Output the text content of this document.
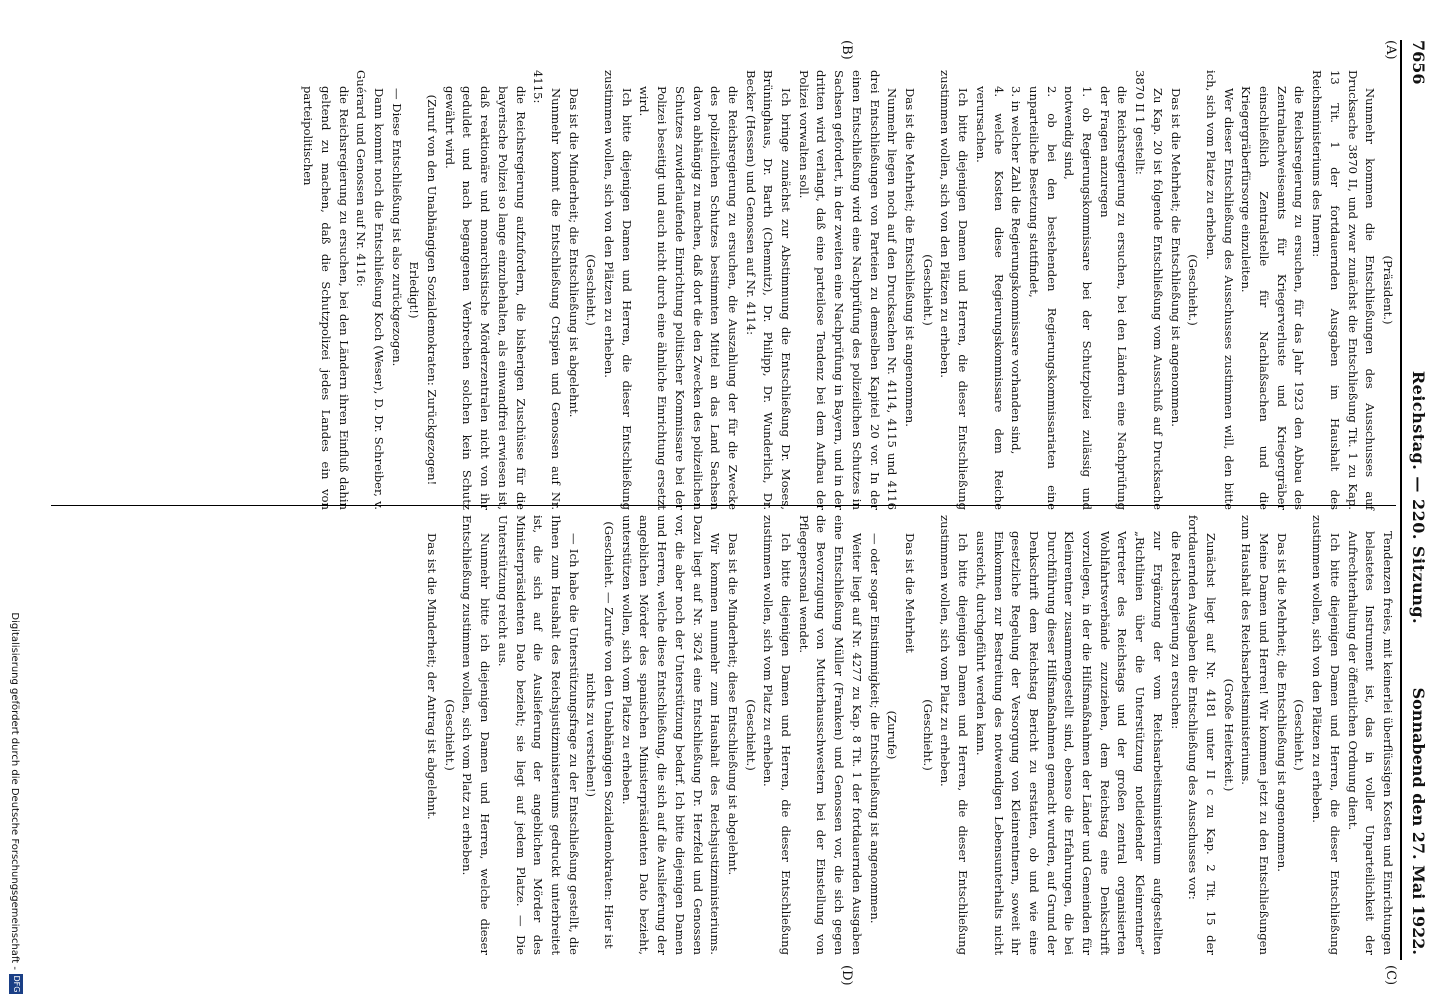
7656
Reichstag. — 220. Sitzung.
Sonnabend den 27. Mai 1922.
(A)
(B)
(C)
(D)

(Präsident.)

Nunmehr kommen die Entschließungen des Ausschusses auf Drucksache 3870 II, und zwar zunächst die Entschließung Tit. 1 zu Kap. 13 Tit. 1 der fortdauernden Ausgaben im Haushalt des Reichsministeriums des Innern:

die Reichsregierung zu ersuchen, für das Jahr 1923 den Abbau des Zentralnachweiseamts für Kriegerverluste und Kriegergräber einschließlich Zentralstelle für Nachlaßsachen und die Kriegergräberfürsorge einzuleiten.

Wer dieser Entschließung des Ausschusses zustimmen will, den bitte ich, sich vom Platze zu erheben.

(Geschieht.)

Das ist die Mehrheit; die Entschließung ist angenommen.

Zu Kap. 20 ist folgende Entschließung vom Ausschuß auf Drucksache 3870 II 1 gestellt:

die Reichsregierung zu ersuchen, bei den Ländern eine Nachprüfung der Fragen anzuregen

1. ob Regierungskommissare bei der Schutzpolizei zulässig und notwendig sind,

2. ob bei den bestehenden Regierungskommissariaten eine unparteiliche Besetzung stattfindet,

3. in welcher Zahl die Regierungskommissare vorhanden sind,

4. welche Kosten diese Regierungskommissare dem Reiche verursachen.

Ich bitte diejenigen Damen und Herren, die dieser Entschließung zustimmen wollen, sich von den Plätzen zu erheben.

(Geschieht.)

Das ist die Mehrheit; die Entschließung ist angenommen.

Nunmehr liegen noch auf den Drucksachen Nr. 4114, 4115 und 4116 drei Entschließungen von Parteien zu demselben Kapitel 20 vor. In der einen Entschließung wird eine Nachprüfung des polizeilichen Schutzes in Sachsen gefordert, in der zweiten eine Nachprüfung in Bayern, und in der dritten wird verlangt, daß eine parteilose Tendenz bei dem Aufbau der Polizei vorwalten soll.

Ich bringe zunächst zur Abstimmung die Entschließung Dr. Moses, Brüninghaus, Dr. Barth (Chemnitz), Dr. Philipp, Dr. Wunderlich, Dr. Becker (Hessen) und Genossen auf Nr. 4114:

die Reichsregierung zu ersuchen, die Auszahlung der für die Zwecke des polizeilichen Schutzes bestimmten Mittel an das Land Sachsen davon abhängig zu machen, daß dort die den Zwecken des polizeilichen Schutzes zuwiderlaufende Einrichtung politischer Kommissare bei der Polizei beseitigt und auch nicht durch eine ähnliche Einrichtung ersetzt wird.

Ich bitte diejenigen Damen und Herren, die dieser Entschließung zustimmen wollen, sich von den Plätzen zu erheben.

(Geschieht.)

Das ist die Minderheit; die Entschließung ist abgelehnt.

Nunmehr kommt die Entschließung Crispien und Genossen auf Nr. 4115:

die Reichsregierung aufzufordern, die bisherigen Zuschüsse für die bayerische Polizei so lange einzubehalten, als einwandfrei erwiesen ist, daß reaktionäre und monarchistische Mörderzentralen nicht von ihr geduldet und nach begangenen Verbrechen solchen kein Schutz gewährt wird.

(Zuruf von den Unabhängigen Sozialdemokraten: Zurückgezogen! Erledigt!)

— Diese Entschließung ist also zurückgezogen.

Dann kommt noch die Entschließung Koch (Weser), D. Dr. Schreiber, v. Guérard und Genossen auf Nr. 4116:

die Reichsregierung zu ersuchen, bei den Ländern ihren Einfluß dahin geltend zu machen, daß die Schutzpolizei jedes Landes ein von parteipolitischen

Tendenzen freies, mit keinerlei überflüssigen Kosten und Einrichtungen belastetes Instrument ist, das in voller Unparteilichkeit der Aufrechterhaltung der öffentlichen Ordnung dient.

Ich bitte diejenigen Damen und Herren, die dieser Entschließung zustimmen wollen, sich von den Plätzen zu erheben.

(Geschieht.)

Das ist die Mehrheit; die Entschließung ist angenommen.

Meine Damen und Herren! Wir kommen jetzt zu den Entschließungen zum Haushalt des Reichsarbeitsministeriums.

(Große Heiterkeit.)

Zunächst liegt auf Nr. 4181 unter II c zu Kap. 2 Tit. 15 der fortdauernden Ausgaben die Entschließung des Ausschusses vor:

die Reichsregierung zu ersuchen:

zur Ergänzung der vom Reichsarbeitsministerium aufgestellten „Richtlinien über die Unterstützung notleidender Kleinrentner“ Vertreter des Reichstags und der großen zentral organisierten Wohlfahrtsverbände zuzuziehen, dem Reichstag eine Denkschrift vorzulegen, in der die Hilfsmaßnahmen der Länder und Gemeinden für Kleinrentner zusammengestellt sind, ebenso die Erfahrungen, die bei Durchführung dieser Hilfsmaßnahmen gemacht wurden, auf Grund der Denkschrift dem Reichstag Bericht zu erstatten, ob und wie eine gesetzliche Regelung der Versorgung von Kleinrentnern, soweit ihr Einkommen zur Bestreitung des notwendigen Lebensunterhalts nicht ausreicht, durchgeführt werden kann.

Ich bitte diejenigen Damen und Herren, die dieser Entschließung zustimmen wollen, sich vom Platz zu erheben.

(Geschieht.)

Das ist die Mehrheit

(Zurufe)

— oder sogar Einstimmigkeit; die Entschließung ist angenommen.

Weiter liegt auf Nr. 4277 zu Kap. 8 Tit. 1 der fortdauernden Ausgaben eine Entschließung Müller (Franken) und Genossen vor, die sich gegen die Bevorzugung von Mutterhausschwestern bei der Einstellung von Pflegepersonal wendet.

Ich bitte diejenigen Damen und Herren, die dieser Entschließung zustimmen wollen, sich vom Platz zu erheben.

(Geschieht.)

Das ist die Minderheit; diese Entschließung ist abgelehnt.

Wir kommen nunmehr zum Haushalt des Reichsjustizministeriums. Dazu liegt auf Nr. 3624 eine Entschließung Dr. Herzfeld und Genossen vor, die aber noch der Unterstützung bedarf. Ich bitte diejenigen Damen und Herren, welche diese Entschließung, die sich auf die Auslieferung der angeblichen Mörder des spanischen Ministerpräsidenten Dato bezieht, unterstützen wollen, sich vom Platze zu erheben.

(Geschieht. — Zurufe von den Unabhängigen Sozialdemokraten: Hier ist nichts zu verstehen!)

— Ich habe die Unterstützungsfrage zu der Entschließung gestellt, die Ihnen zum Haushalt des Reichsjustizministeriums gedruckt unterbreitet ist, die sich auf die Auslieferung der angeblichen Mörder des Ministerpräsidenten Dato bezieht; sie liegt auf jedem Platze. — Die Unterstützung reicht aus.

Nunmehr bitte ich diejenigen Damen und Herren, welche dieser Entschließung zustimmen wollen, sich vom Platz zu erheben.

(Geschieht.)

Das ist die Minderheit; der Antrag ist abgelehnt.

Digitalisierung gefördert durch die Deutsche Forschungsgemeinschaft -
DFG
